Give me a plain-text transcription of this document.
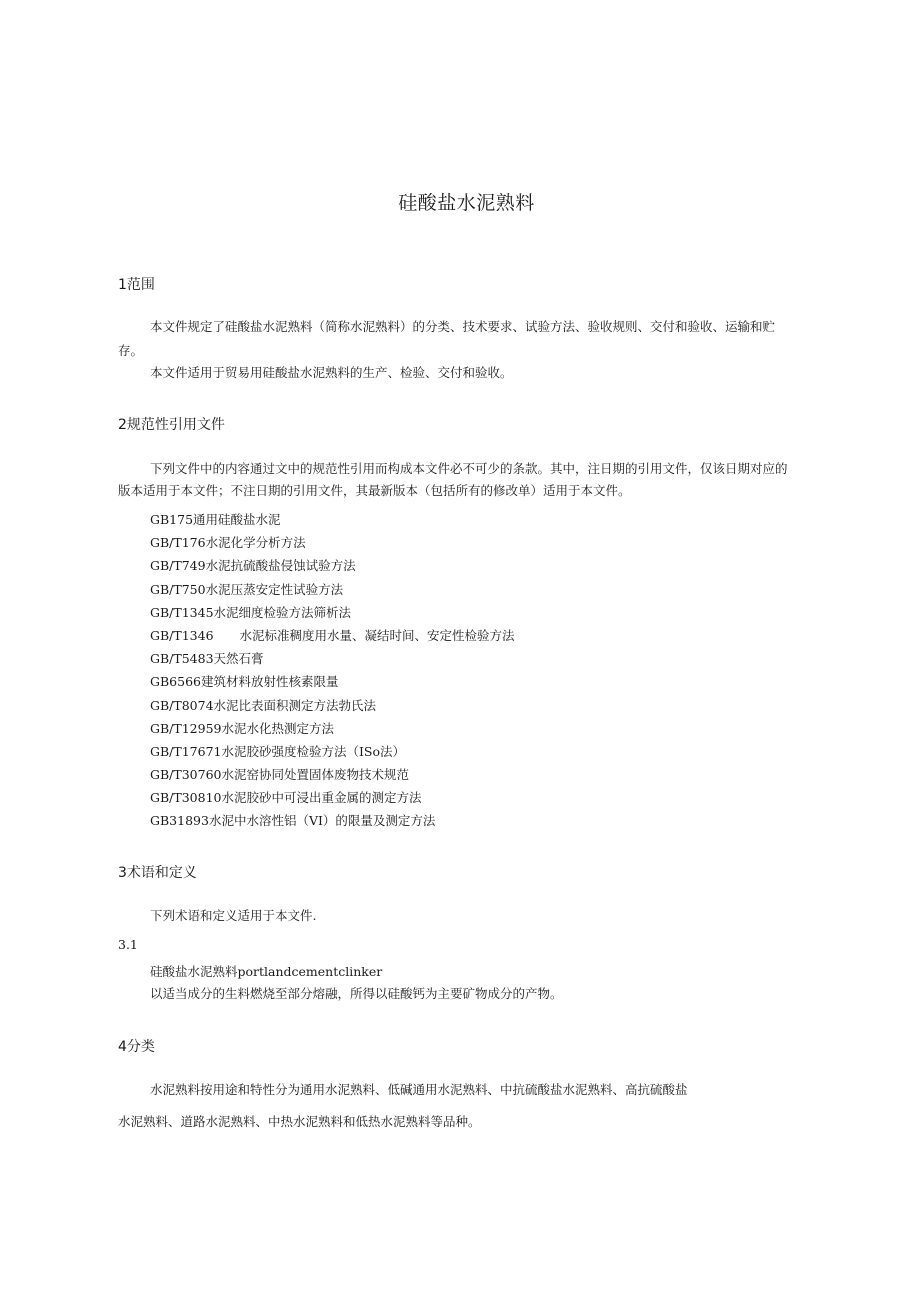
硅酸盐水泥熟料
1范围
本文件规定了硅酸盐水泥熟料（简称水泥熟料）的分类、技术要求、试验方法、验收规则、交付和验收、运输和贮
存。
本文件适用于贸易用硅酸盐水泥熟料的生产、检验、交付和验收。
2规范性引用文件
下列文件中的内容通过文中的规范性引用而构成本文件必不可少的条款。其中，注日期的引用文件，仅该日期对应的
版本适用于本文件；不注日期的引用文件，其最新版本（包括所有的修改单）适用于本文件。
GB175通用硅酸盐水泥
GB/T176水泥化学分析方法
GB/T749水泥抗硫酸盐侵蚀试验方法
GB/T750水泥压蒸安定性试验方法
GB/T1345水泥细度检验方法筛析法
GB/T1346 水泥标准稠度用水量、凝结时间、安定性检验方法
GB/T5483天然石膏
GB6566建筑材料放射性核素限量
GB/T8074水泥比表面积测定方法勃氏法
GB/T12959水泥水化热测定方法
GB/T17671水泥胶砂强度检验方法（ISo法）
GB/T30760水泥窑协同处置固体废物技术规范
GB/T30810水泥胶砂中可浸出重金属的测定方法
GB31893水泥中水溶性铝（VI）的限量及测定方法
3术语和定义
下列术语和定义适用于本文件.
3.1
硅酸盐水泥熟料portlandcementclinker
以适当成分的生料燃烧至部分熔融，所得以硅酸钙为主要矿物成分的产物。
4分类
水泥熟料按用途和特性分为通用水泥熟料、低碱通用水泥熟料、中抗硫酸盐水泥熟料、高抗硫酸盐
水泥熟料、道路水泥熟料、中热水泥熟料和低热水泥熟料等品种。
